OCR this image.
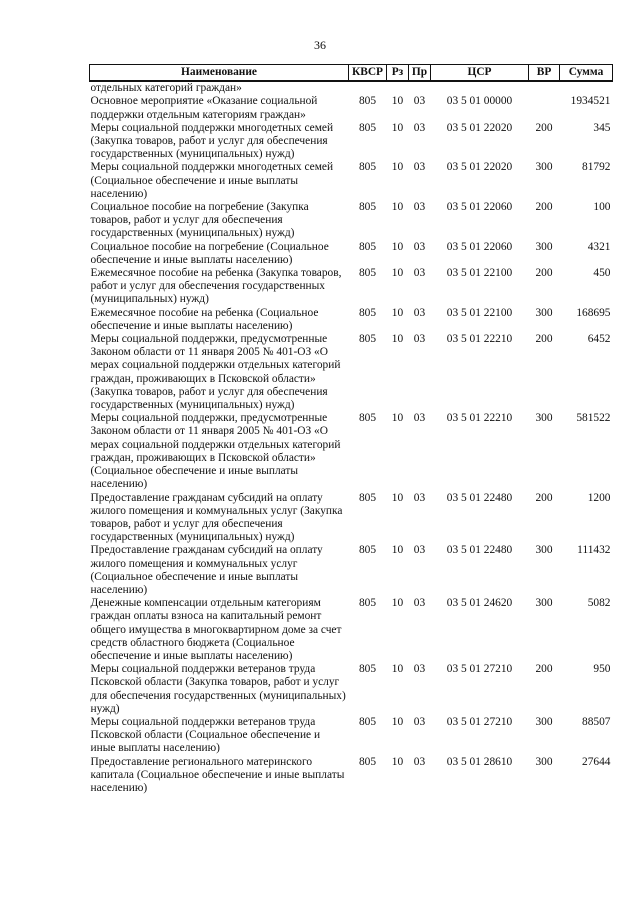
36
Наименование	КВСР	Рз	Пр	ЦСР	ВР	Сумма
отдельных категорий граждан»						
Основное мероприятие «Оказание социальной поддержки отдельным категориям граждан»	805	10	03	03 5 01 00000		1934521
Меры социальной поддержки многодетных семей (Закупка товаров, работ и услуг для обеспечения государственных (муниципальных) нужд)	805	10	03	03 5 01 22020	200	345
Меры социальной поддержки многодетных семей (Социальное обеспечение и иные выплаты населению)	805	10	03	03 5 01 22020	300	81792
Социальное пособие на погребение (Закупка товаров, работ и услуг для обеспечения государственных (муниципальных) нужд)	805	10	03	03 5 01 22060	200	100
Социальное пособие на погребение (Социальное обеспечение и иные выплаты населению)	805	10	03	03 5 01 22060	300	4321
Ежемесячное пособие на ребенка (Закупка товаров, работ и услуг для обеспечения государственных (муниципальных) нужд)	805	10	03	03 5 01 22100	200	450
Ежемесячное пособие на ребенка (Социальное обеспечение и иные выплаты населению)	805	10	03	03 5 01 22100	300	168695
Меры социальной поддержки, предусмотренные Законом области от 11 января 2005 № 401-ОЗ «О мерах социальной поддержки отдельных категорий граждан, проживающих в Псковской области» (Закупка товаров, работ и услуг для обеспечения государственных (муниципальных) нужд)	805	10	03	03 5 01 22210	200	6452
Меры социальной поддержки, предусмотренные Законом области от 11 января 2005 № 401-ОЗ «О мерах социальной поддержки отдельных категорий граждан, проживающих в Псковской области» (Социальное обеспечение и иные выплаты населению)	805	10	03	03 5 01 22210	300	581522
Предоставление гражданам субсидий на оплату жилого помещения и коммунальных услуг (Закупка товаров, работ и услуг для обеспечения государственных (муниципальных) нужд)	805	10	03	03 5 01 22480	200	1200
Предоставление гражданам субсидий на оплату жилого помещения и коммунальных услуг (Социальное обеспечение и иные выплаты населению)	805	10	03	03 5 01 22480	300	111432
Денежные компенсации отдельным категориям граждан оплаты взноса на капитальный ремонт общего имущества в многоквартирном доме за счет средств областного бюджета (Социальное обеспечение и иные выплаты населению)	805	10	03	03 5 01 24620	300	5082
Меры социальной поддержки ветеранов труда Псковской области (Закупка товаров, работ и услуг для обеспечения государственных (муниципальных) нужд)	805	10	03	03 5 01 27210	200	950
Меры социальной поддержки ветеранов труда Псковской области (Социальное обеспечение и иные выплаты населению)	805	10	03	03 5 01 27210	300	88507
Предоставление регионального материнского капитала (Социальное обеспечение и иные выплаты населению)	805	10	03	03 5 01 28610	300	27644
